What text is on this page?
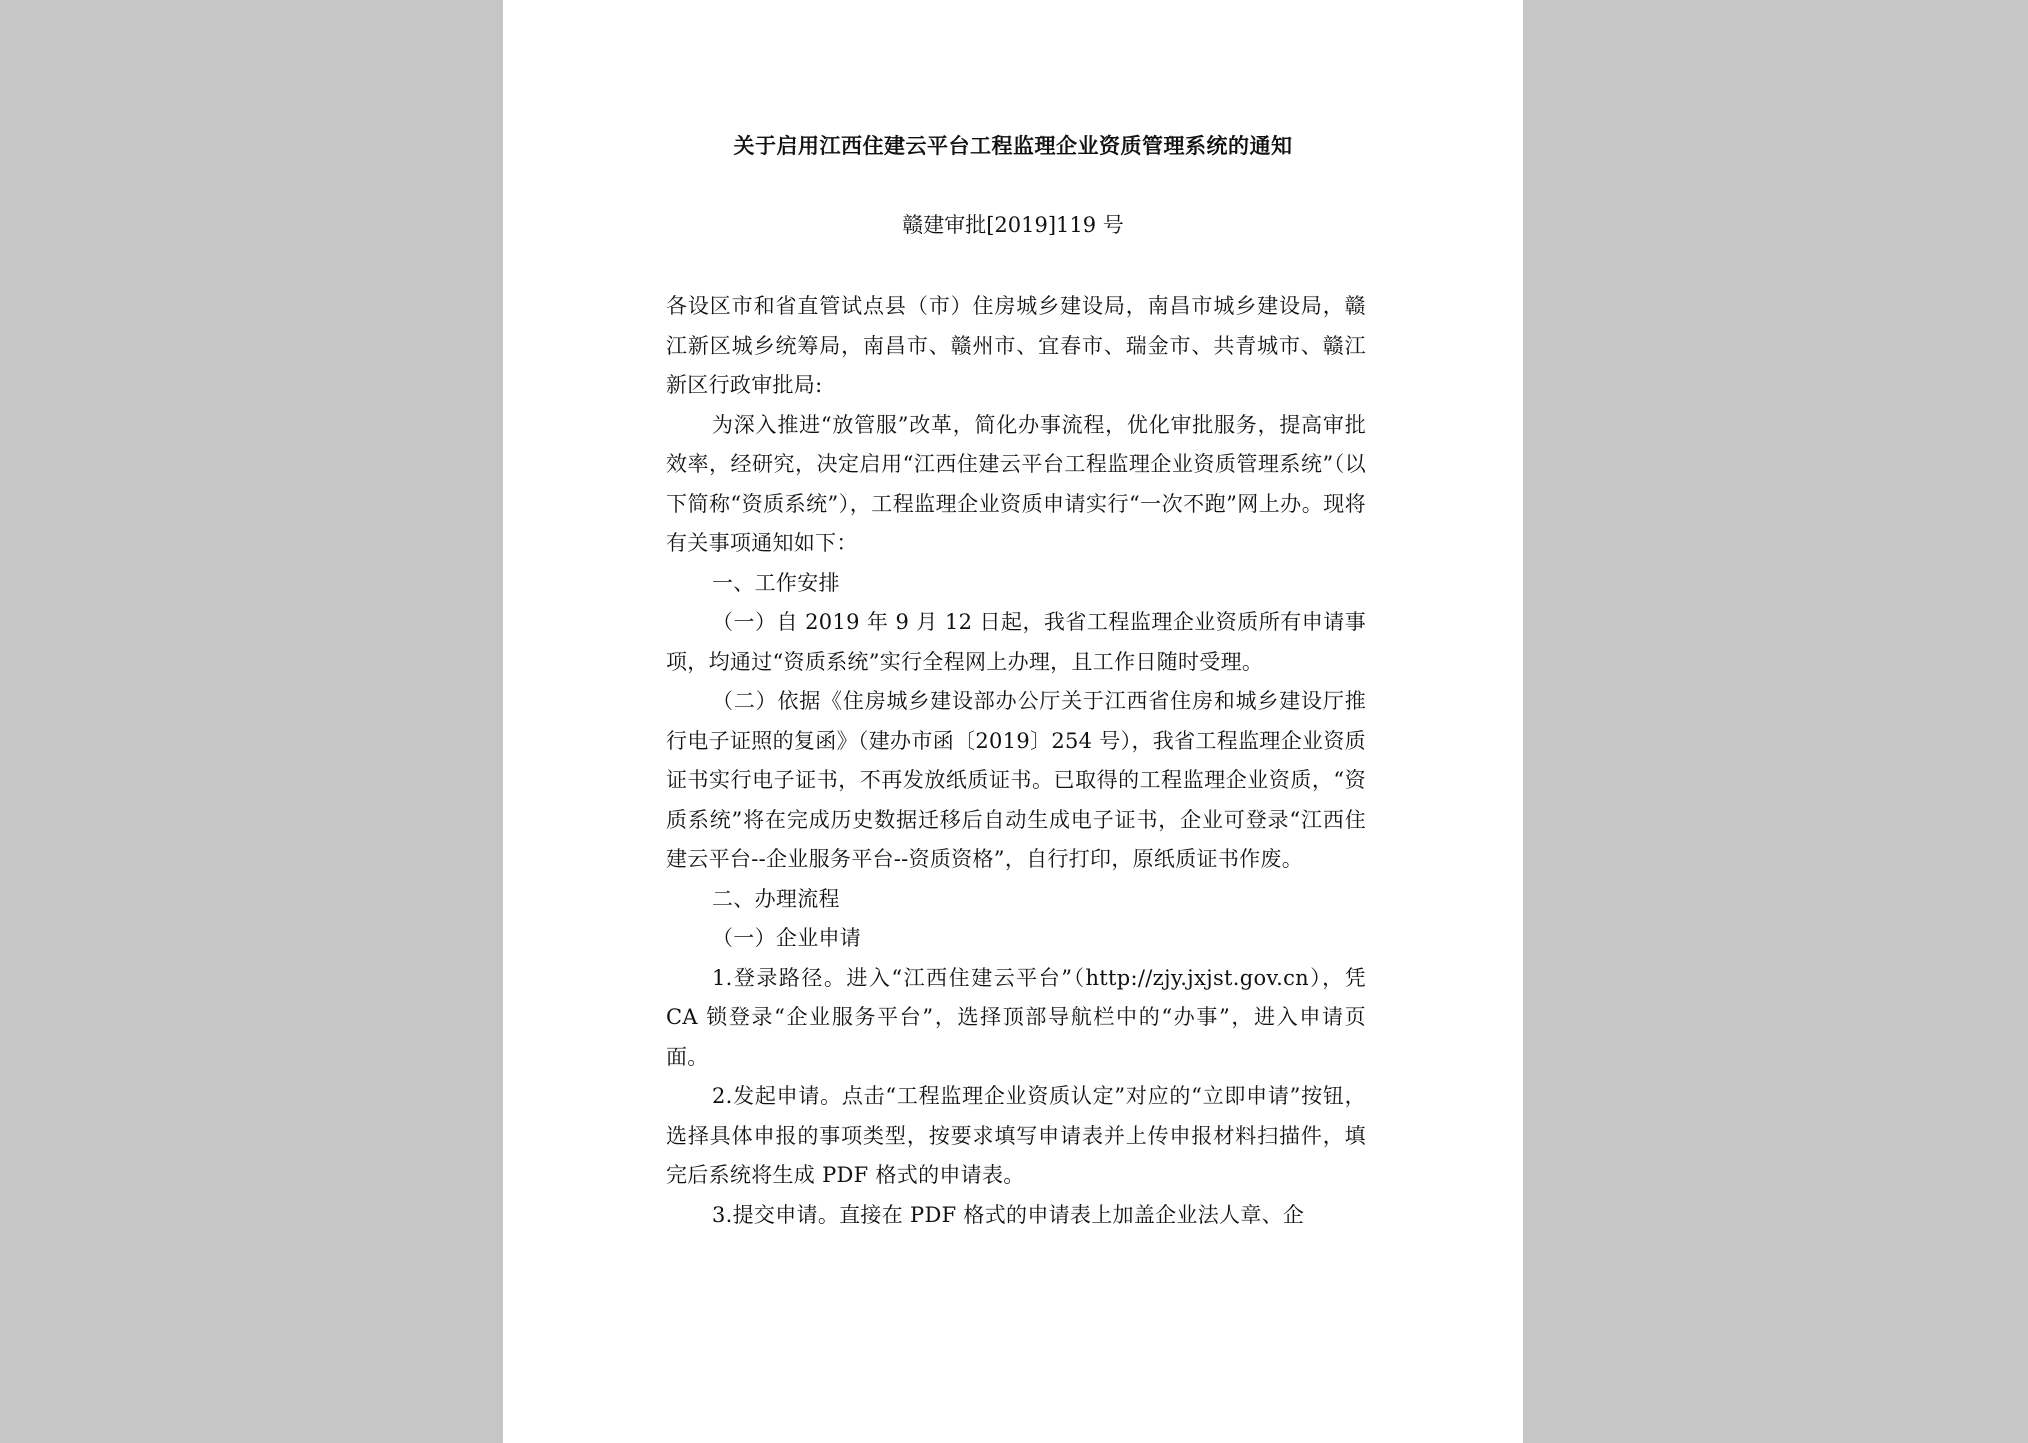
关于启用江西住建云平台工程监理企业资质管理系统的通知
赣建审批[2019]119 号

各设区市和省直管试点县（市）住房城乡建设局，南昌市城乡建设局，赣江新区城乡统筹局，南昌市、赣州市、宜春市、瑞金市、共青城市、赣江新区行政审批局:

为深入推进“放管服”改革，简化办事流程，优化审批服务，提高审批效率，经研究，决定启用“江西住建云平台工程监理企业资质管理系统”（以下简称“资质系统”），工程监理企业资质申请实行“一次不跑”网上办。现将有关事项通知如下：

一、工作安排

（一）自 2019 年 9 月 12 日起，我省工程监理企业资质所有申请事项，均通过“资质系统”实行全程网上办理，且工作日随时受理。

（二）依据《住房城乡建设部办公厅关于江西省住房和城乡建设厅推行电子证照的复函》（建办市函〔2019〕254 号），我省工程监理企业资质证书实行电子证书，不再发放纸质证书。已取得的工程监理企业资质，“资质系统”将在完成历史数据迁移后自动生成电子证书，企业可登录“江西住建云平台--企业服务平台--资质资格”，自行打印，原纸质证书作废。

二、办理流程

（一）企业申请

1.登录路径。进入“江西住建云平台”（http://zjy.jxjst.gov.cn），凭 CA 锁登录“企业服务平台”，选择顶部导航栏中的“办事”，进入申请页面。

2.发起申请。点击“工程监理企业资质认定”对应的“立即申请”按钮，选择具体申报的事项类型，按要求填写申请表并上传申报材料扫描件，填完后系统将生成 PDF 格式的申请表。

3.提交申请。直接在 PDF 格式的申请表上加盖企业法人章、企
